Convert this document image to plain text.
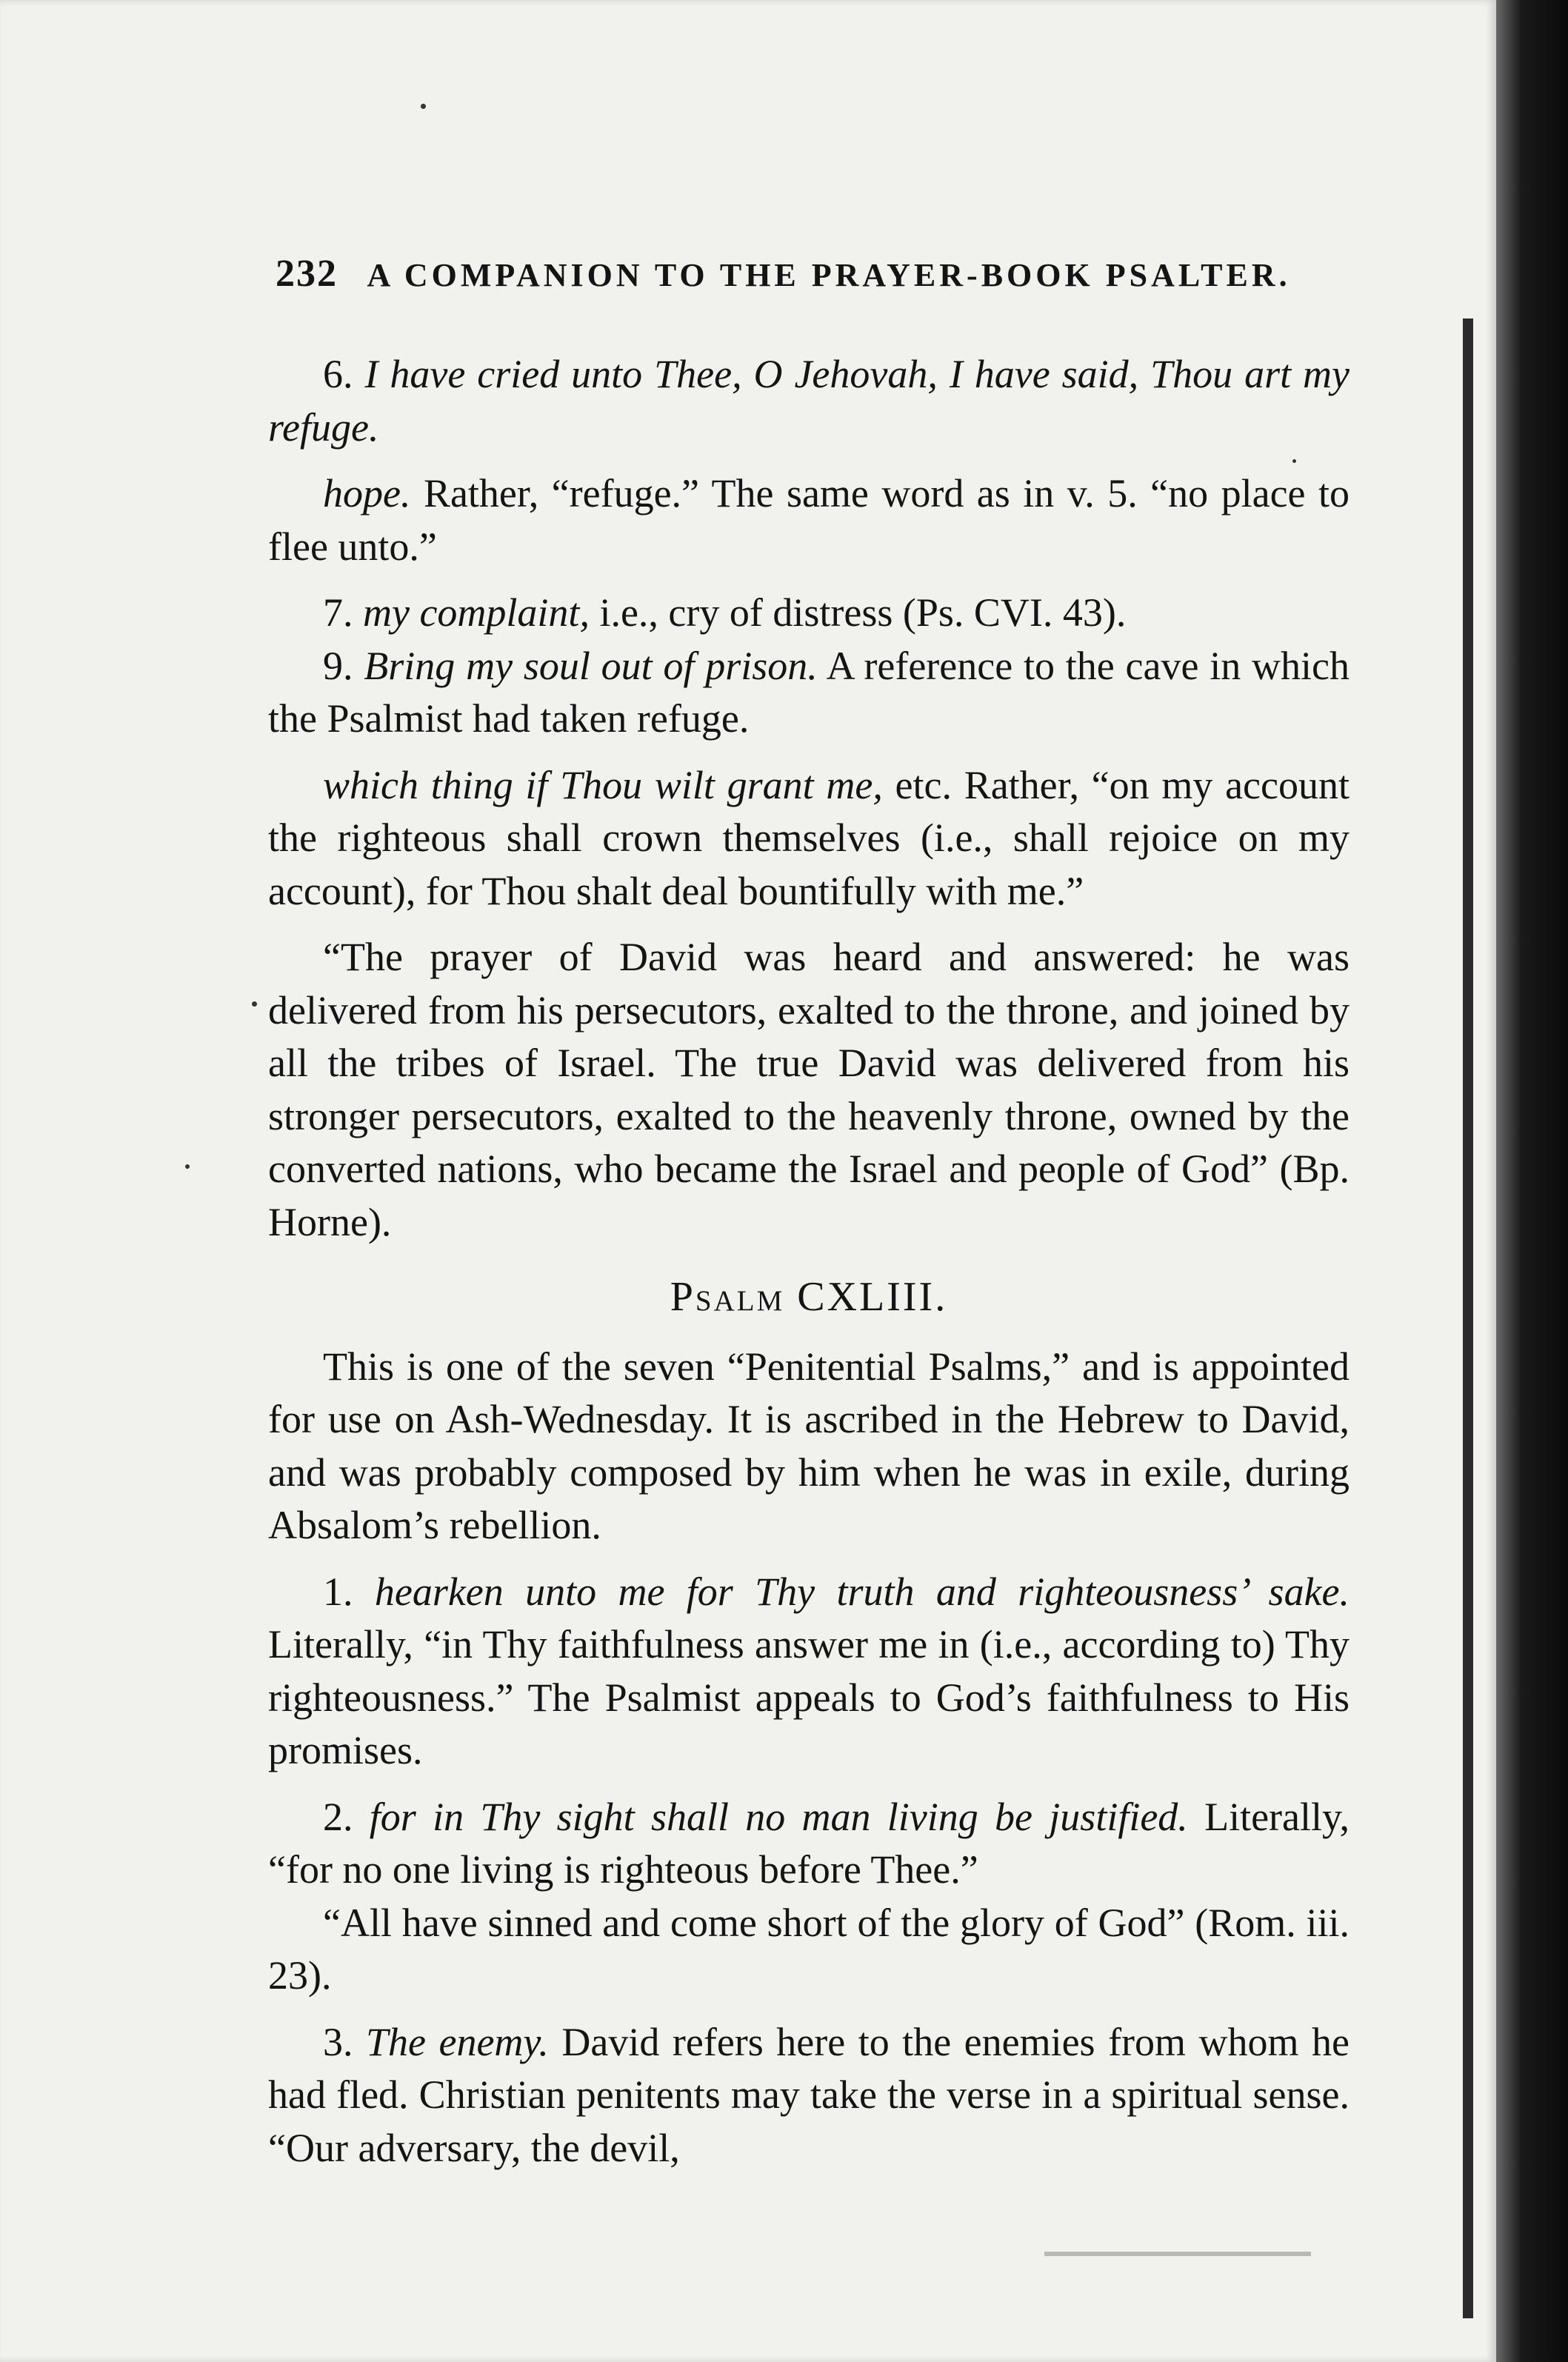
232 A COMPANION TO THE PRAYER-BOOK PSALTER.

6. I have cried unto Thee, O Jehovah, I have said, Thou art my refuge.

hope. Rather, “refuge.” The same word as in v. 5. “no place to flee unto.”

7. my complaint, i.e., cry of distress (Ps. CVI. 43).

9. Bring my soul out of prison. A reference to the cave in which the Psalmist had taken refuge.

which thing if Thou wilt grant me, etc. Rather, “on my account the righteous shall crown themselves (i.e., shall rejoice on my account), for Thou shalt deal bountifully with me.”

“The prayer of David was heard and answered: he was delivered from his persecutors, exalted to the throne, and joined by all the tribes of Israel. The true David was delivered from his stronger persecutors, exalted to the heavenly throne, owned by the converted nations, who became the Israel and people of God” (Bp. Horne).

Psalm CXLIII.

This is one of the seven “Penitential Psalms,” and is appointed for use on Ash-Wednesday. It is ascribed in the Hebrew to David, and was probably composed by him when he was in exile, during Absalom’s rebellion.

1. hearken unto me for Thy truth and righteousness’ sake. Literally, “in Thy faithfulness answer me in (i.e., according to) Thy righteousness.” The Psalmist appeals to God’s faithfulness to His promises.

2. for in Thy sight shall no man living be justified. Literally, “for no one living is righteous before Thee.”

“All have sinned and come short of the glory of God” (Rom. iii. 23).

3. The enemy. David refers here to the enemies from whom he had fled. Christian penitents may take the verse in a spiritual sense. “Our adversary, the devil,
